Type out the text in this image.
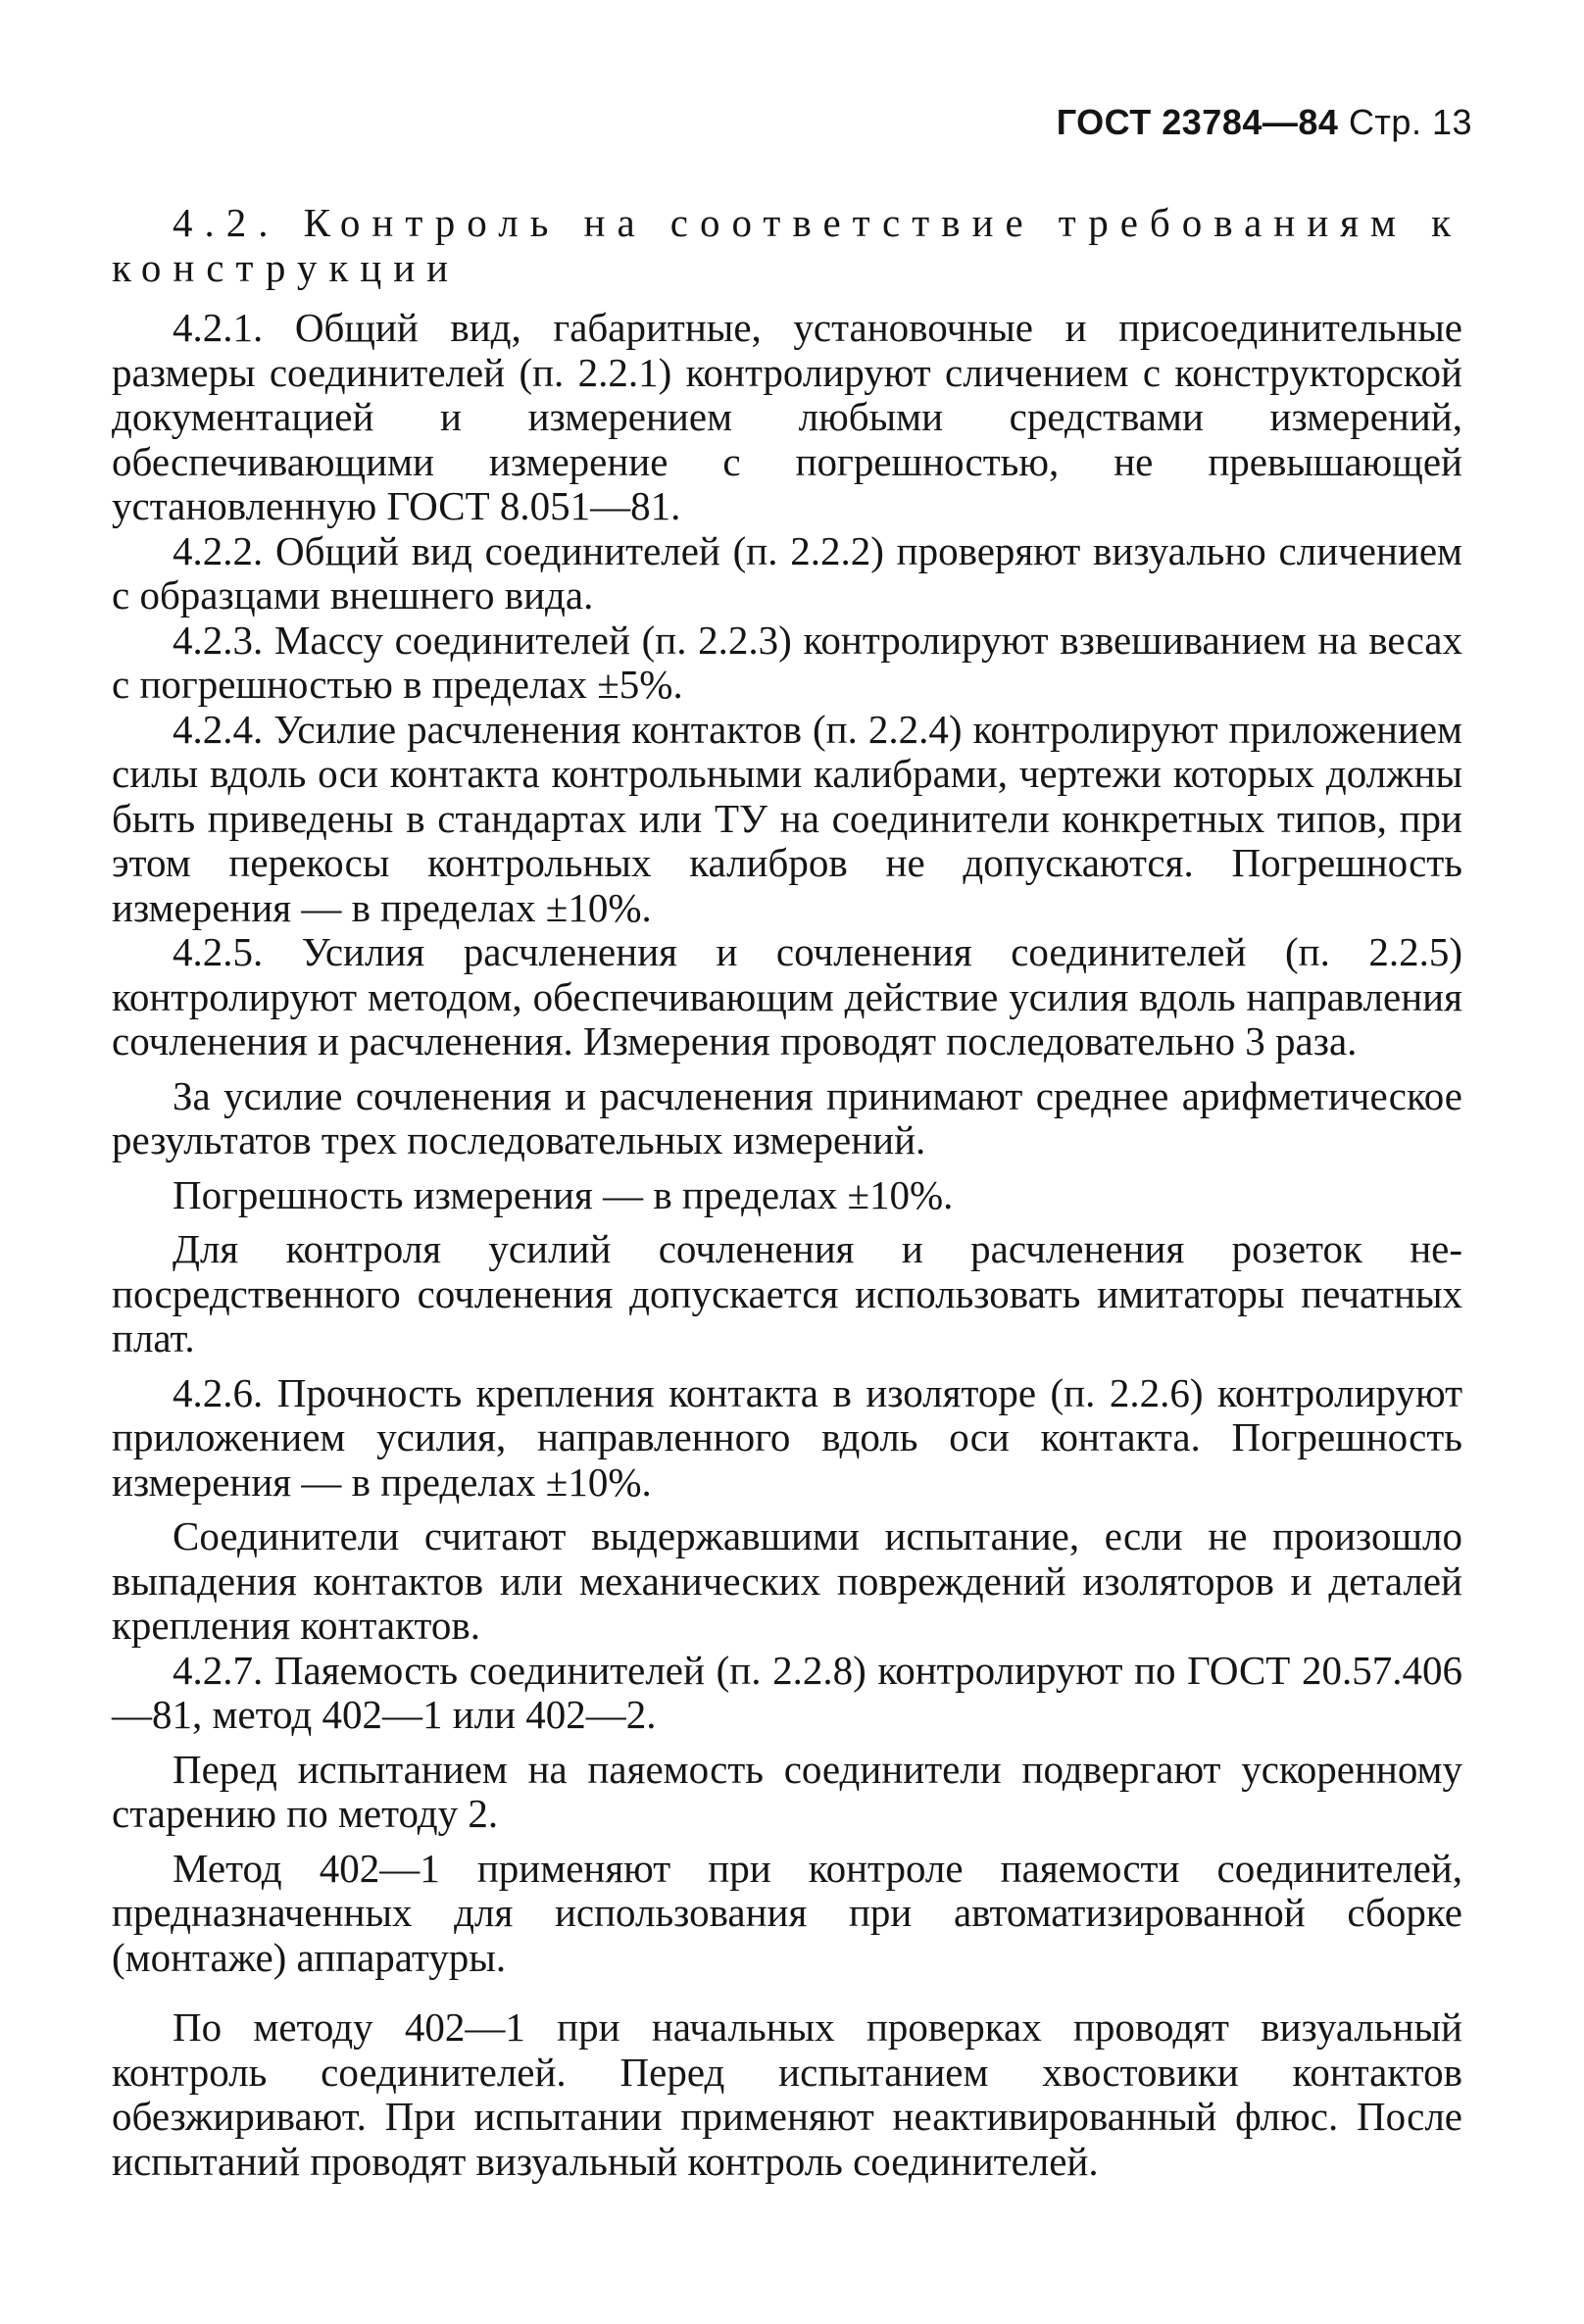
ГОСТ 23784—84 Стр. 13

4.2. Контроль на соответствие требованиям к конструкции

4.2.1. Общий вид, габаритные, установочные и присоединительные размеры соединителей (п. 2.2.1) контролируют сличением с конструкторской документацией и измерением любыми средствами измерений, обеспечивающими измерение с погрешностью, не превышающей установленную ГОСТ 8.051—81.

4.2.2. Общий вид соединителей (п. 2.2.2) проверяют визуально сличением с образцами внешнего вида.

4.2.3. Массу соединителей (п. 2.2.3) контролируют взвешиванием на весах с погрешностью в пределах ±5%.

4.2.4. Усилие расчленения контактов (п. 2.2.4) контролируют приложением силы вдоль оси контакта контрольными калибрами, чертежи которых должны быть приведены в стандартах или ТУ на соединители конкретных типов, при этом перекосы контрольных калибров не допускаются. Погрешность измерения — в пределах ±10%.

4.2.5. Усилия расчленения и сочленения соединителей (п. 2.2.5) контролируют методом, обеспечивающим действие усилия вдоль направления сочленения и расчленения. Измерения проводят последовательно 3 раза.

За усилие сочленения и расчленения принимают среднее арифметическое результатов трех последовательных измерений.

Погрешность измерения — в пределах ±10%.

Для контроля усилий сочленения и расчленения розеток непосредственного сочленения допускается использовать имитаторы печатных плат.

4.2.6. Прочность крепления контакта в изоляторе (п. 2.2.6) контролируют приложением усилия, направленного вдоль оси контакта. Погрешность измерения — в пределах ±10%.

Соединители считают выдержавшими испытание, если не произошло выпадения контактов или механических повреждений изоляторов и деталей крепления контактов.

4.2.7. Паяемость соединителей (п. 2.2.8) контролируют по ГОСТ 20.57.406—81, метод 402—1 или 402—2.

Перед испытанием на паяемость соединители подвергают ускоренному старению по методу 2.

Метод 402—1 применяют при контроле паяемости соединителей, предназначенных для использования при автоматизированной сборке (монтаже) аппаратуры.

По методу 402—1 при начальных проверках проводят визуальный контроль соединителей. Перед испытанием хвостовики контактов обезжиривают. При испытании применяют неактивированный флюс. После испытаний проводят визуальный контроль соединителей.
